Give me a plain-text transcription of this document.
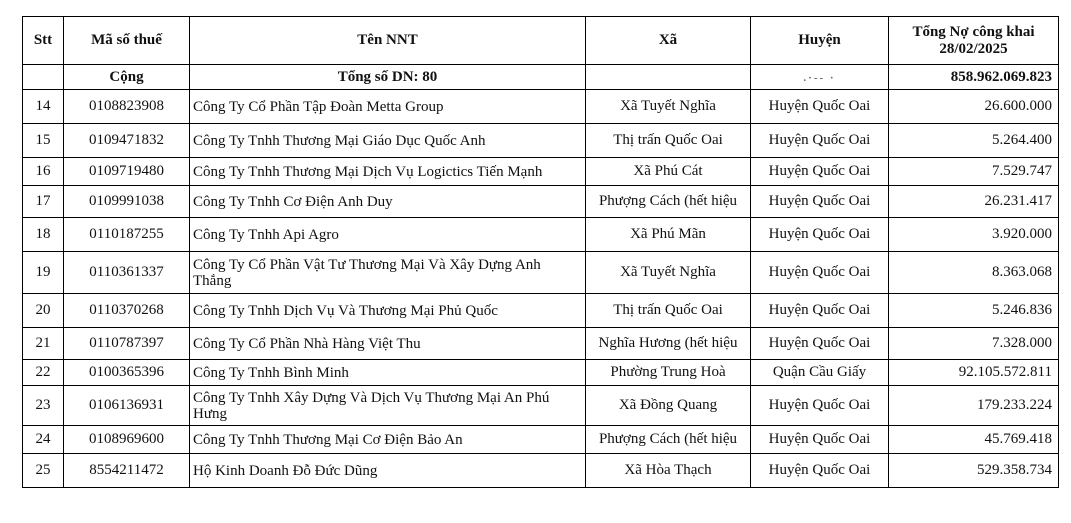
Stt	Mã số thuế	Tên NNT	Xã	Huyện	Tổng Nợ công khai
28/02/2025

	Cộng	Tổng số DN: 80		.·‑‑ ·	858.962.069.823
14	0108823908	Công Ty Cổ Phần Tập Đoàn Metta Group	Xã Tuyết Nghĩa	Huyện Quốc Oai	26.600.000
15	0109471832	Công Ty Tnhh Thương Mại Giáo Dục Quốc Anh	Thị trấn Quốc Oai	Huyện Quốc Oai	5.264.400
16	0109719480	Công Ty Tnhh Thương Mại Dịch Vụ Logictics Tiến Mạnh	Xã Phú Cát	Huyện Quốc Oai	7.529.747
17	0109991038	Công Ty Tnhh Cơ Điện Anh Duy	Phượng Cách (hết hiệu	Huyện Quốc Oai	26.231.417
18	0110187255	Công Ty Tnhh Api Agro	Xã Phú Mãn	Huyện Quốc Oai	3.920.000
19	0110361337	Công Ty Cổ Phần Vật Tư Thương Mại Và Xây Dựng Anh Thắng	Xã Tuyết Nghĩa	Huyện Quốc Oai	8.363.068
20	0110370268	Công Ty Tnhh Dịch Vụ Và Thương Mại Phủ Quốc	Thị trấn Quốc Oai	Huyện Quốc Oai	5.246.836
21	0110787397	Công Ty Cổ Phần Nhà Hàng Việt Thu	Nghĩa Hương (hết hiệu	Huyện Quốc Oai	7.328.000
22	0100365396	Công Ty Tnhh Bình Minh	Phường Trung Hoà	Quận Cầu Giấy	92.105.572.811
23	0106136931	Công Ty Tnhh Xây Dựng Và Dịch Vụ Thương Mại An Phú Hưng	Xã Đồng Quang	Huyện Quốc Oai	179.233.224
24	0108969600	Công Ty Tnhh Thương Mại Cơ Điện Bảo An	Phượng Cách (hết hiệu	Huyện Quốc Oai	45.769.418
25	8554211472	Hộ Kinh Doanh Đỗ Đức Dũng	Xã Hòa Thạch	Huyện Quốc Oai	529.358.734
